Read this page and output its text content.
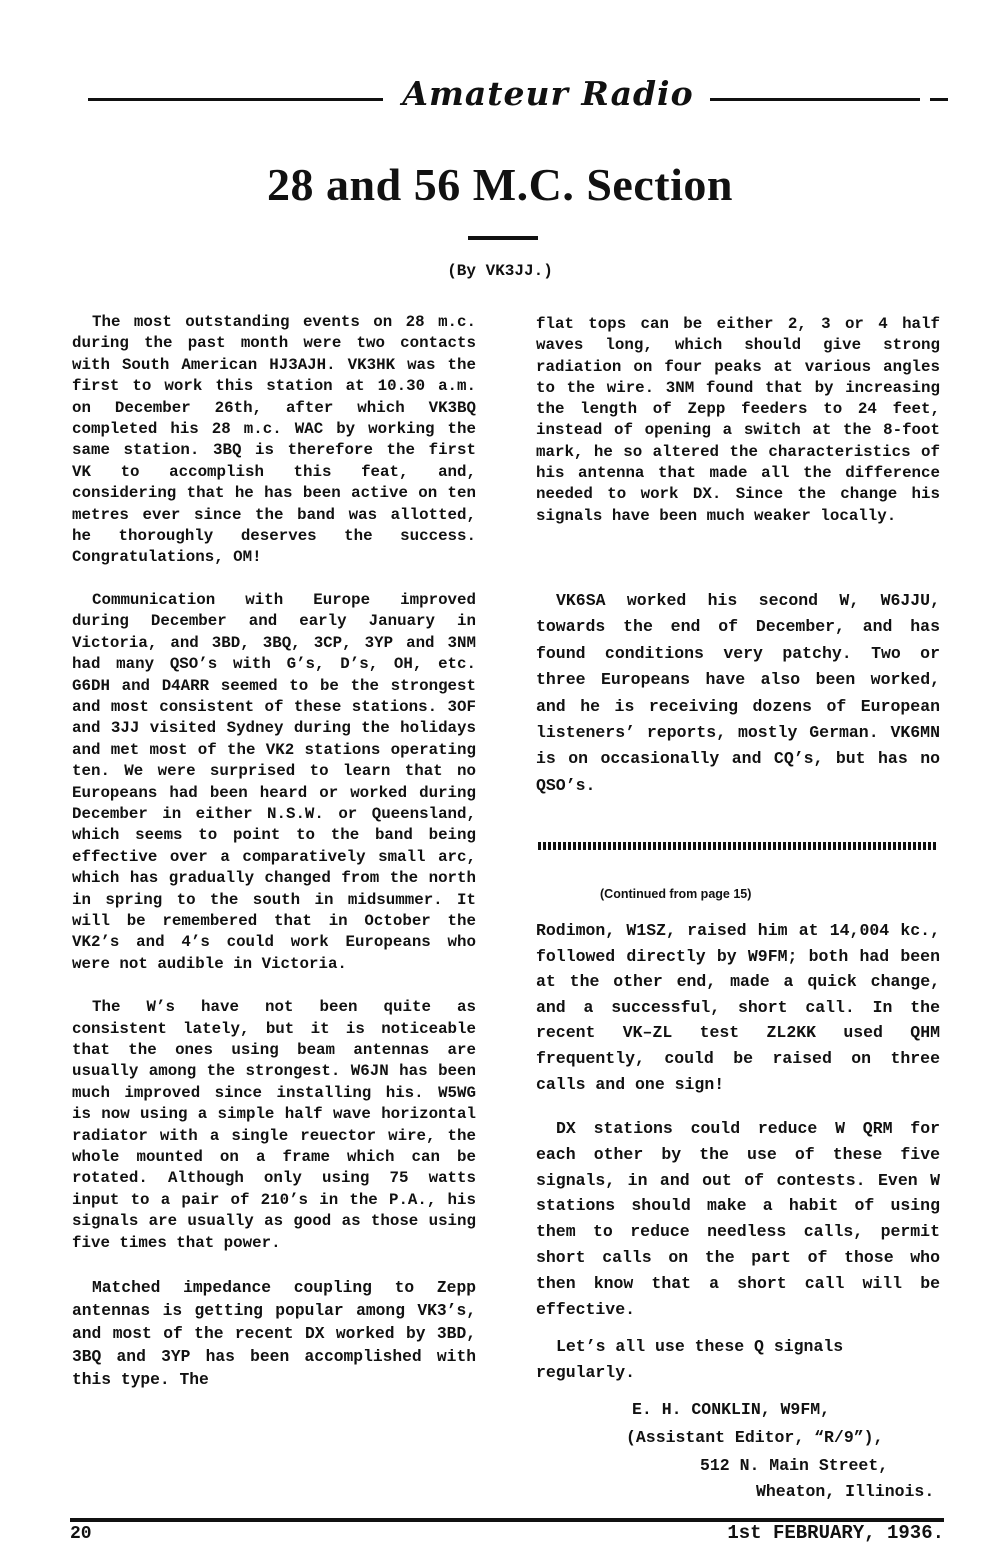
Amateur Radio
28 and 56 M.C. Section
(By VK3JJ.)

The most outstanding events on 28 m.c. during the past month were two contacts with South American HJ3AJH. VK3HK was the first to work this station at 10.30 a.m. on December 26th, after which VK3BQ completed his 28 m.c. WAC by working the same station. 3BQ is therefore the first VK to accomplish this feat, and, considering that he has been active on ten metres ever since the band was allotted, he thoroughly deserves the success. Congratulations, OM!

Communication with Europe improved during December and early January in Victoria, and 3BD, 3BQ, 3CP, 3YP and 3NM had many QSO’s with G’s, D’s, OH, etc. G6DH and D4ARR seemed to be the strongest and most consistent of these stations. 3OF and 3JJ visited Sydney during the holidays and met most of the VK2 stations operating ten. We were surprised to learn that no Europeans had been heard or worked during December in either N.S.W. or Queensland, which seems to point to the band being effective over a comparatively small arc, which has gradually changed from the north in spring to the south in midsummer. It will be remembered that in October the VK2’s and 4’s could work Europeans who were not audible in Victoria.

The W’s have not been quite as consistent lately, but it is noticeable that the ones using beam antennas are usually among the strongest. W6JN has been much improved since installing his. W5WG is now using a simple half wave horizontal radiator with a single reuector wire, the whole mounted on a frame which can be rotated. Although only using 75 watts input to a pair of 210’s in the P.A., his signals are usually as good as those using five times that power.

Matched impedance coupling to Zepp antennas is getting popular among VK3’s, and most of the recent DX worked by 3BD, 3BQ and 3YP has been accomplished with this type. The

flat tops can be either 2, 3 or 4 half waves long, which should give strong radiation on four peaks at various angles to the wire. 3NM found that by increasing the length of Zepp feeders to 24 feet, instead of opening a switch at the 8-foot mark, he so altered the characteristics of his antenna that made all the difference needed to work DX. Since the change his signals have been much weaker locally.

VK6SA worked his second W, W6JJU, towards the end of December, and has found conditions very patchy. Two or three Europeans have also been worked, and he is receiving dozens of European listeners’ reports, mostly German. VK6MN is on occasionally and CQ’s, but has no QSO’s.

(Continued from page 15)

Rodimon, W1SZ, raised him at 14,004 kc., followed directly by W9FM; both had been at the other end, made a quick change, and a successful, short call. In the recent VK–ZL test ZL2KK used QHM frequently, could be raised on three calls and one sign!

DX stations could reduce W QRM for each other by the use of these five signals, in and out of contests. Even W stations should make a habit of using them to reduce needless calls, permit short calls on the part of those who then know that a short call will be effective.

Let’s all use these Q signals regularly.

E. H. CONKLIN, W9FM,
(Assistant Editor, “R/9”),
512 N. Main Street,
Wheaton, Illinois.
20	1st FEBRUARY, 1936.
